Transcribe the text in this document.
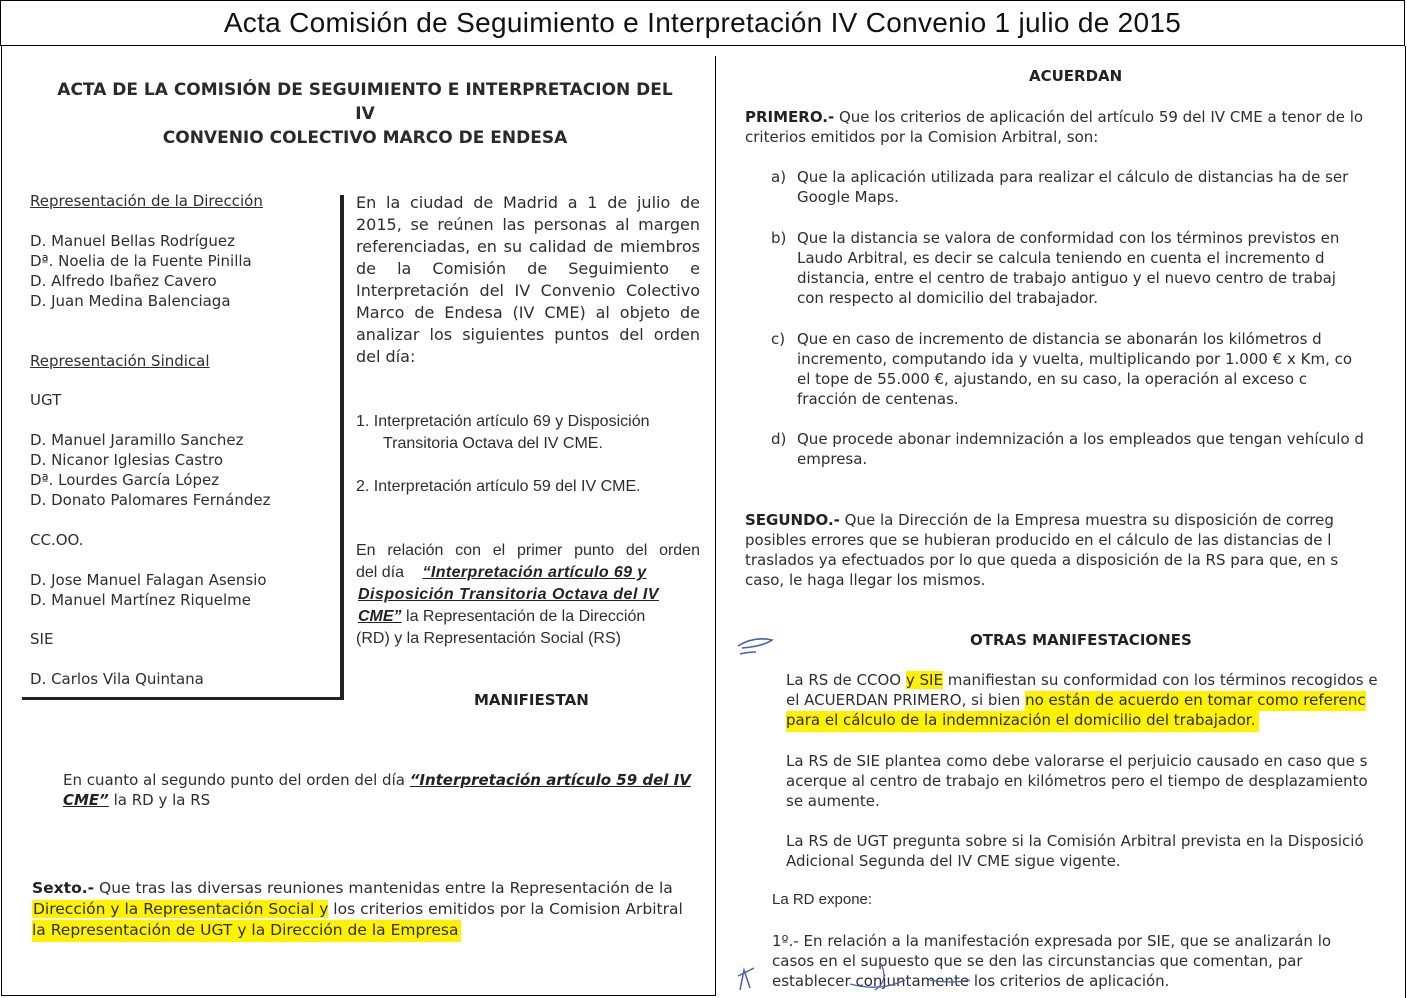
Acta Comisión de Seguimiento e Interpretación IV Convenio 1 julio de 2015
ACTA DE LA COMISIÓN DE SEGUIMIENTO E INTERPRETACION DEL IV
CONVENIO COLECTIVO MARCO DE ENDESA
Representación de la Dirección
D. Manuel Bellas Rodríguez
Dª. Noelia de la Fuente Pinilla
D. Alfredo Ibañez Cavero
D. Juan Medina Balenciaga
Representación Sindical
UGT
D. Manuel Jaramillo Sanchez
D. Nicanor Iglesias Castro
Dª. Lourdes García López
D. Donato Palomares Fernández
CC.OO.
D. Jose Manuel Falagan Asensio
D. Manuel Martínez Riquelme
SIE
D. Carlos Vila Quintana
En la ciudad de Madrid a 1 de julio de
2015, se reúnen las personas al margen
referenciadas, en su calidad de miembros
de la Comisión de Seguimiento e
Interpretación del IV Convenio Colectivo
Marco de Endesa (IV CME) al objeto de
analizar los siguientes puntos del orden
del día:
1. Interpretación artículo 69 y Disposición
Transitoria Octava del IV CME.
2. Interpretación artículo 59 del IV CME.
En relación con el primer punto del orden
del día “Interpretación artículo 69 y
Disposición Transitoria Octava del IV
CME” la Representación de la Dirección
(RD) y la Representación Social (RS)
MANIFIESTAN
En cuanto al segundo punto del orden del día “Interpretación artículo 59 del IV
CME” la RD y la RS
Sexto.- Que tras las diversas reuniones mantenidas entre la Representación de la
Dirección y la Representación Social y los criterios emitidos por la Comision Arbitral
la Representación de UGT y la Dirección de la Empresa
ACUERDAN
PRIMERO.- Que los criterios de aplicación del artículo 59 del IV CME a tenor de lo
criterios emitidos por la Comision Arbitral, son:
a) Que la aplicación utilizada para realizar el cálculo de distancias ha de ser
Google Maps.
b) Que la distancia se valora de conformidad con los términos previstos en
Laudo Arbitral, es decir se calcula teniendo en cuenta el incremento d
distancia, entre el centro de trabajo antiguo y el nuevo centro de trabaj
con respecto al domicilio del trabajador.
c) Que en caso de incremento de distancia se abonarán los kilómetros d
incremento, computando ida y vuelta, multiplicando por 1.000 € x Km, co
el tope de 55.000 €, ajustando, en su caso, la operación al exceso c
fracción de centenas.
d) Que procede abonar indemnización a los empleados que tengan vehículo d
empresa.
SEGUNDO.- Que la Dirección de la Empresa muestra su disposición de correg
posibles errores que se hubieran producido en el cálculo de las distancias de l
traslados ya efectuados por lo que queda a disposición de la RS para que, en s
caso, le haga llegar los mismos.
OTRAS MANIFESTACIONES
La RS de CCOO y SIE manifiestan su conformidad con los términos recogidos e
el ACUERDAN PRIMERO, si bien no están de acuerdo en tomar como referenc
para el cálculo de la indemnización el domicilio del trabajador.
La RS de SIE plantea como debe valorarse el perjuicio causado en caso que s
acerque al centro de trabajo en kilómetros pero el tiempo de desplazamiento
se aumente.
La RS de UGT pregunta sobre si la Comisión Arbitral prevista en la Disposició
Adicional Segunda del IV CME sigue vigente.
La RD expone:
1º.- En relación a la manifestación expresada por SIE, que se analizarán lo
casos en el supuesto que se den las circunstancias que comentan, par
establecer conjuntamente los criterios de aplicación.
